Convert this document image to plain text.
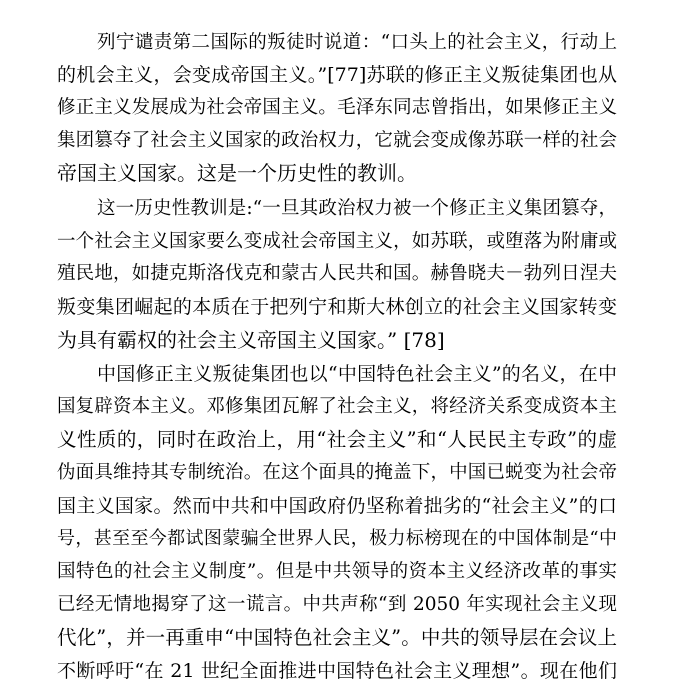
列宁谴责第二国际的叛徒时说道：“口头上的社会主义，行动上
的机会主义，会变成帝国主义。”[77]苏联的修正主义叛徒集团也从
修正主义发展成为社会帝国主义。毛泽东同志曾指出，如果修正主义
集团篡夺了社会主义国家的政治权力，它就会变成像苏联一样的社会
帝国主义国家。这是一个历史性的教训。
这一历史性教训是:“一旦其政治权力被一个修正主义集团篡夺，
一个社会主义国家要么变成社会帝国主义，如苏联，或堕落为附庸或
殖民地，如捷克斯洛伐克和蒙古人民共和国。赫鲁晓夫－勃列日涅夫
叛变集团崛起的本质在于把列宁和斯大林创立的社会主义国家转变
为具有霸权的社会主义帝国主义国家。” [78]
中国修正主义叛徒集团也以“中国特色社会主义”的名义，在中
国复辟资本主义。邓修集团瓦解了社会主义，将经济关系变成资本主
义性质的，同时在政治上，用“社会主义”和“人民民主专政”的虚
伪面具维持其专制统治。在这个面具的掩盖下，中国已蜕变为社会帝
国主义国家。然而中共和中国政府仍坚称着拙劣的“社会主义”的口
号，甚至至今都试图蒙骗全世界人民，极力标榜现在的中国体制是“中
国特色的社会主义制度”。但是中共领导的资本主义经济改革的事实
已经无情地揭穿了这一谎言。中共声称“到 2050 年实现社会主义现
代化”，并一再重申“中国特色社会主义”。中共的领导层在会议上
不断呼吁“在 21 世纪全面推进中国特色社会主义理想”。现在他们
